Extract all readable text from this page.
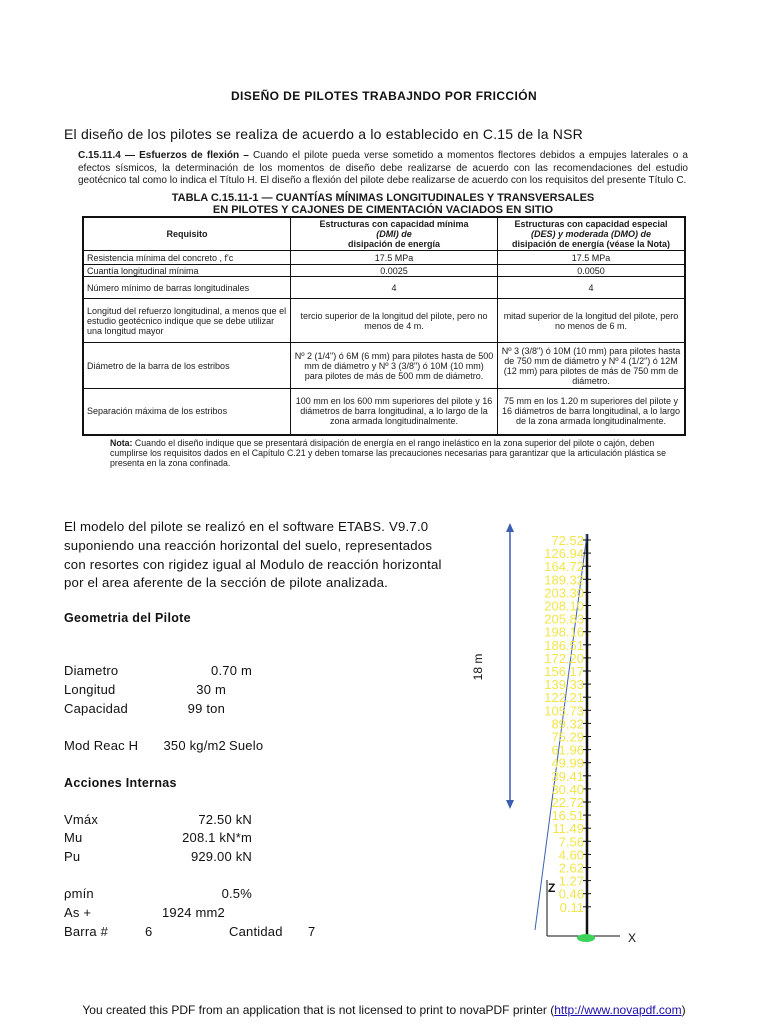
DISEÑO DE PILOTES TRABAJNDO POR FRICCIÓN
El diseño de los pilotes se realiza de acuerdo a lo establecido en C.15 de la NSR

C.15.11.4 — Esfuerzos de flexión – Cuando el pilote pueda verse sometido a momentos flectores debidos a empujes laterales o a efectos sísmicos, la determinación de los momentos de diseño debe realizarse de acuerdo con las recomendaciones del estudio geotécnico tal como lo indica el Título H. El diseño a flexión del pilote debe realizarse de acuerdo con los requisitos del presente Título C.

TABLA C.15.11-1 — CUANTÍAS MÍNIMAS LONGITUDINALES Y TRANSVERSALES
EN PILOTES Y CAJONES DE CIMENTACIÓN VACIADOS EN SITIO
Requisito	Estructuras con capacidad mínima
(DMI) de
disipación de energía	Estructuras con capacidad especial
(DES) y moderada (DMO) de
disipación de energía (véase la Nota)
Resistencia mínima del concreto , f'c	17.5 MPa	17.5 MPa
Cuantía longitudinal mínima	0.0025	0.0050
Número mínimo de barras longitudinales	4	4
Longitud del refuerzo longitudinal, a menos que el estudio geotécnico indique que se debe utilizar una longitud mayor	tercio superior de la longitud del pilote, pero no menos de 4 m.	mitad superior de la longitud del pilote, pero no menos de 6 m.
Diámetro de la barra de los estribos	Nº 2 (1/4") ó 6M (6 mm) para pilotes hasta de 500 mm de diámetro y Nº 3 (3/8") ó 10M (10 mm) para pilotes de más de 500 mm de diámetro.	Nº 3 (3/8") ó 10M (10 mm) para pilotes hasta de 750 mm de diámetro y Nº 4 (1/2") ó 12M (12 mm) para pilotes de más de 750 mm de diámetro.
Separación máxima de los estribos	100 mm en los 600 mm superiores del pilote y 16 diámetros de barra longitudinal, a lo largo de la zona armada longitudinalmente.	75 mm en los 1.20 m superiores del pilote y 16 diámetros de barra longitudinal, a lo largo de la zona armada longitudinalmente.

Nota: Cuando el diseño indique que se presentará disipación de energía en el rango inelástico en la zona superior del pilote o cajón, deben cumplirse los requisitos dados en el Capítulo C.21 y deben tomarse las precauciones necesarias para garantizar que la articulación plástica se presenta en la zona confinada.

El modelo del pilote se realizó en el software ETABS. V9.7.0
suponiendo una reacción horizontal del suelo, representados
con resortes con rigidez igual al Modulo de reacción horizontal
por el area aferente de la sección de pilote analizada.
Geometria del Pilote
Diametro	0.70 m
Longitud	30 m
Capacidad	99 ton
Mod Reac H	350 kg/m2 Suelo
Acciones Internas
Vmáx	72.50 kN
Mu	208.1 kN*m
Pu	929.00 kN
ρmín	0.5%
As +	1924 mm2
Barra #	6	Cantidad 7
18 m
Z
X
72.52
126.94
164.72
189.32
203.30
208.10
205.83
198.16
186.51
172.20
156.17
139.33
122.21
105.73
89.32
75.29
61.96
49.99
39.41
30.40
22.72
16.51
11.49
7.56
4.60
2.62
1.27
0.46
0.11
You created this PDF from an application that is not licensed to print to novaPDF printer (http://www.novapdf.com)
